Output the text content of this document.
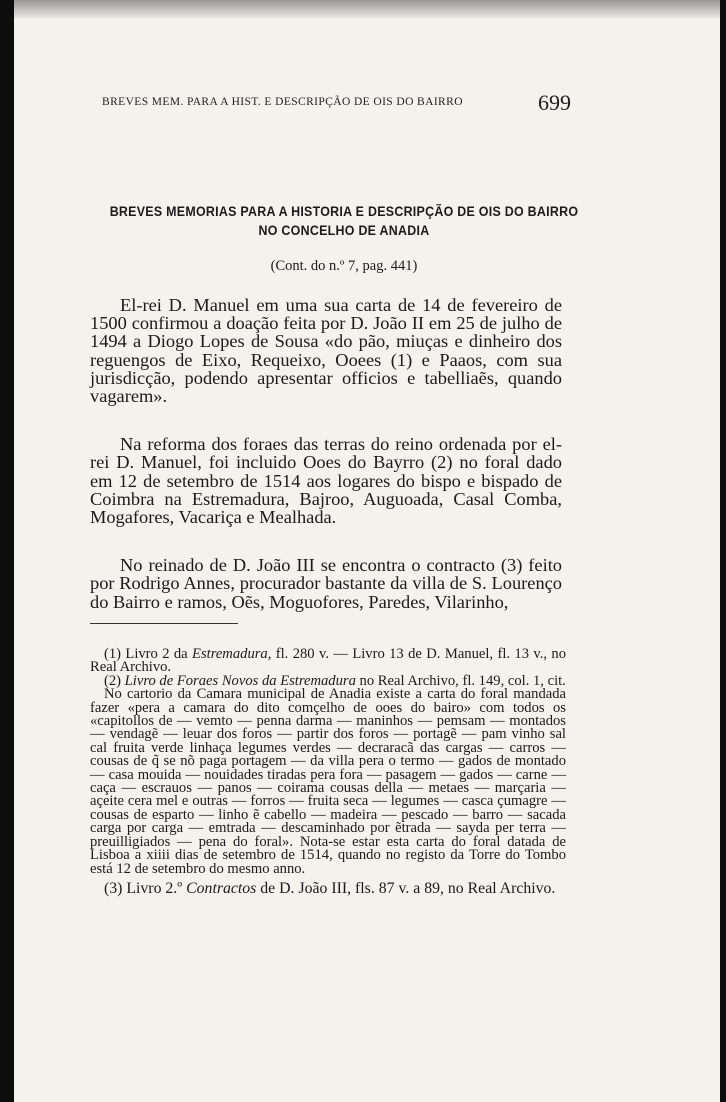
BREVES MEM. PARA A HIST. E DESCRIPÇÃO DE OIS DO BAIRRO	699
BREVES MEMORIAS PARA A HISTORIA E DESCRIPÇÃO DE OIS DO BAIRRO
NO CONCELHO DE ANADIA
(Cont. do n.º 7, pag. 441)

El-rei D. Manuel em uma sua carta de 14 de fevereiro de 1500 confirmou a doação feita por D. João II em 25 de julho de 1494 a Diogo Lopes de Sousa «do pão, miuças e dinheiro dos reguengos de Eixo, Requeixo, Ooees (1) e Paaos, com sua jurisdicção, podendo apresentar officios e tabelliaẽs, quando vagarem».

Na reforma dos foraes das terras do reino ordenada por el-rei D. Manuel, foi incluido Ooes do Bayrro (2) no foral dado em 12 de setembro de 1514 aos logares do bispo e bispado de Coimbra na Estremadura, Bajroo, Auguoada, Casal Comba, Mogafores, Vacariça e Mealhada.

No reinado de D. João III se encontra o contracto (3) feito por Rodrigo Annes, procurador bastante da villa de S. Lourenço do Bairro e ramos, Oẽs, Moguofores, Paredes, Vilarinho,

(1) Livro 2 da Estremadura, fl. 280 v. — Livro 13 de D. Manuel, fl. 13 v., no Real Archivo.

(2) Livro de Foraes Novos da Estremadura no Real Archivo, fl. 149, col. 1, cit.

No cartorio da Camara municipal de Anadia existe a carta do foral mandada fazer «pera a camara do dito comçelho de ooes do bairo» com todos os «capitollos de — vemto — penna darma — maninhos — pemsam — montados — vendagẽ — leuar dos foros — partir dos foros — portagẽ — pam vinho sal cal fruita verde linhaça legumes verdes — decraracã das cargas — carros — cousas de q̃ se nõ paga portagem — da villa pera o termo — gados de montado — casa mouida — nouidades tiradas pera fora — pasagem — gados — carne — caça — escrauos — panos — coirama cousas della — metaes — marçaria — açeite cera mel e outras — forros — fruita seca — legumes — casca çumagre — cousas de esparto — linho ẽ cabello — madeira — pescado — barro — sacada carga por carga — emtrada — descaminhado por ẽtrada — sayda per terra — preuilligiados — pena do foral». Nota-se estar esta carta do foral datada de Lisboa a xiiii dias de setembro de 1514, quando no registo da Torre do Tombo está 12 de setembro do mesmo anno.

(3) Livro 2.º Contractos de D. João III, fls. 87 v. a 89, no Real Archivo.
